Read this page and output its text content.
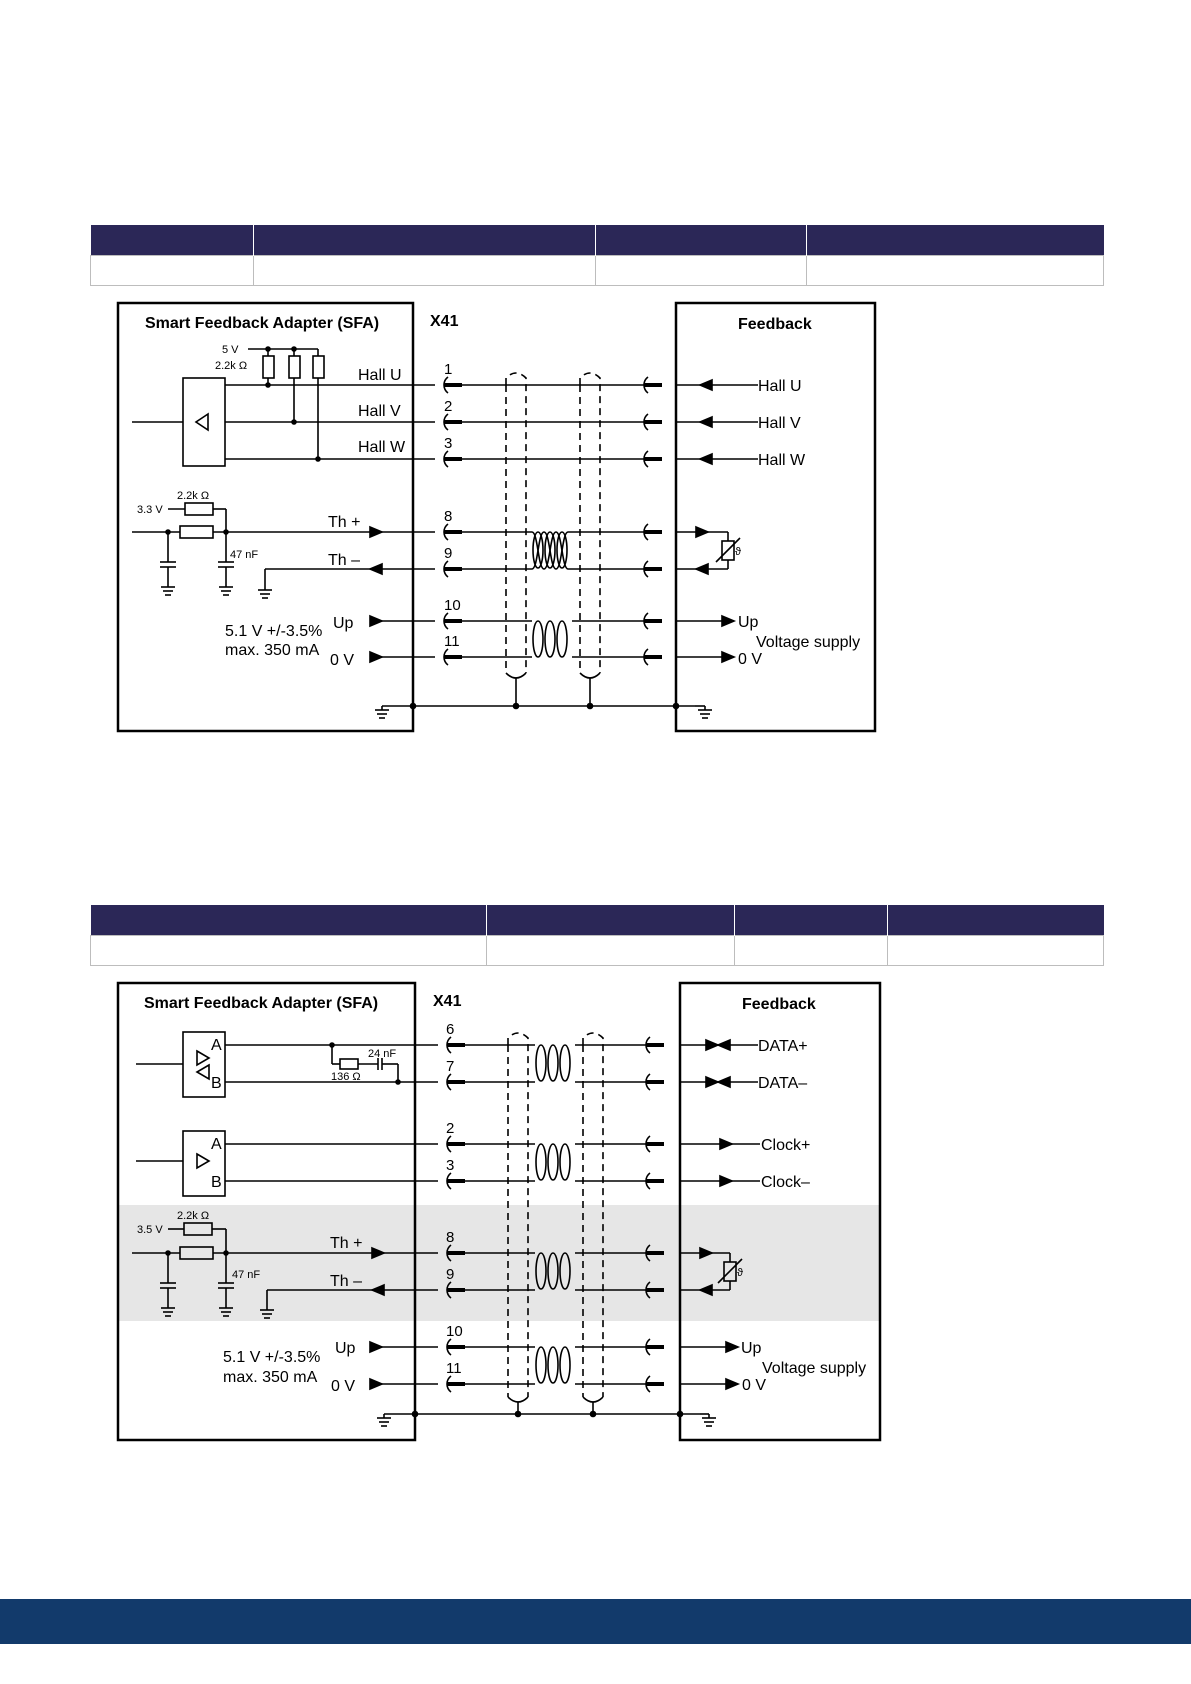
Smart Feedback Adapter (SFA)	X41	Feedback
5 V
2.2k Ω
Hall U
Hall V
Hall W
2.2k Ω
3.3 V
47 nF
Th +
Th –
5.1 V +/-3.5%
max. 350 mA
Up
0 V
1
2
3
8
9
10
11
Hall U
Hall V
Hall W
Up
Voltage supply
0 V
ϑ

Smart Feedback Adapter (SFA)	X41	Feedback
A
B
A
B
24 nF
136 Ω
2.2k Ω
3.5 V
47 nF
Th +
Th –
5.1 V +/-3.5%
max. 350 mA
Up
0 V
6
7
2
3
8
9
10
11
DATA+
DATA–
Clock+
Clock–
Up
Voltage supply
0 V
ϑ
